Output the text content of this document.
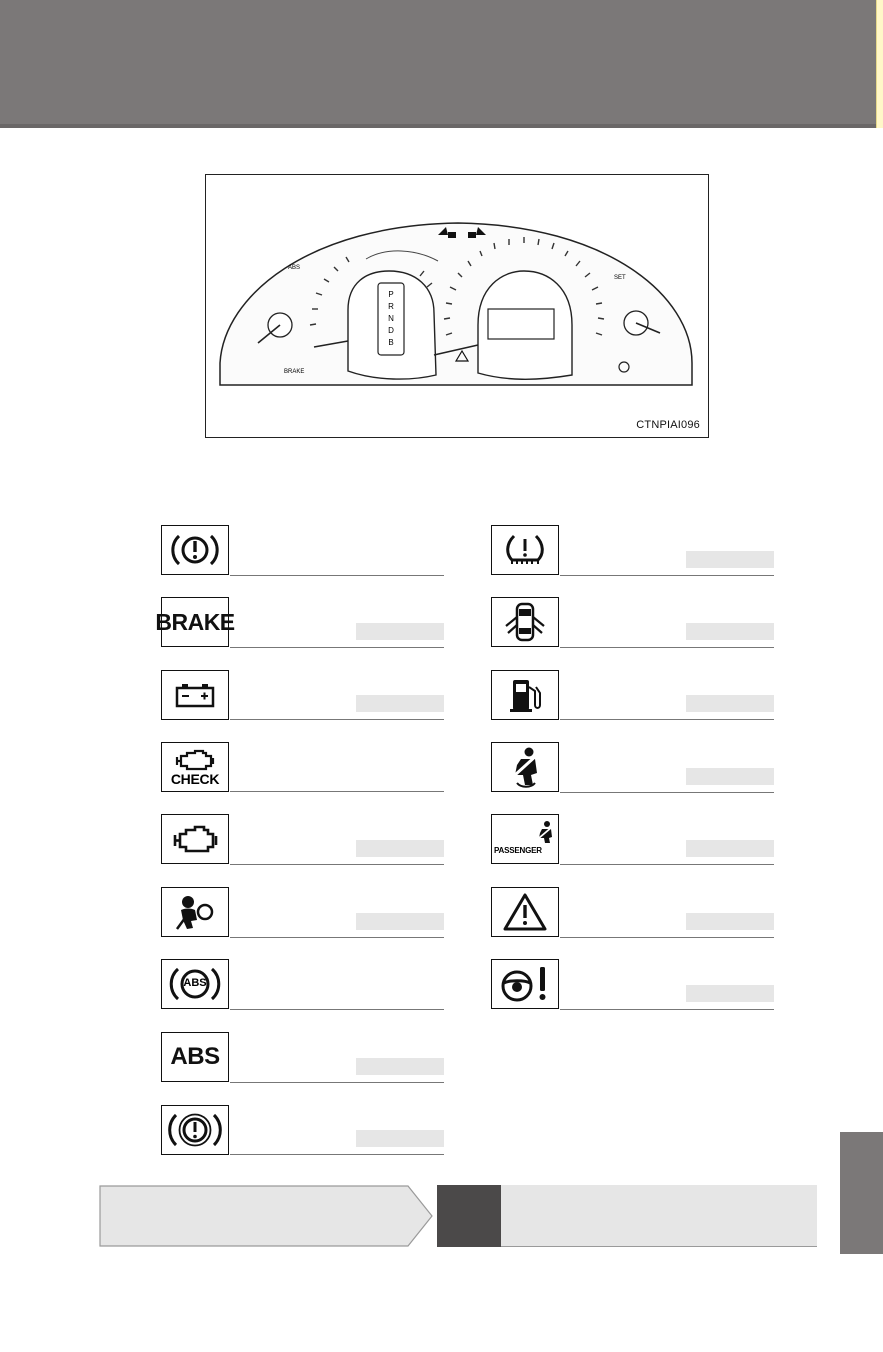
P
R
N
D
B
ABS
BRAKE
SET
CTNPIAI096
BRAKE
CHECK
ABS
ABS
PASSENGER
